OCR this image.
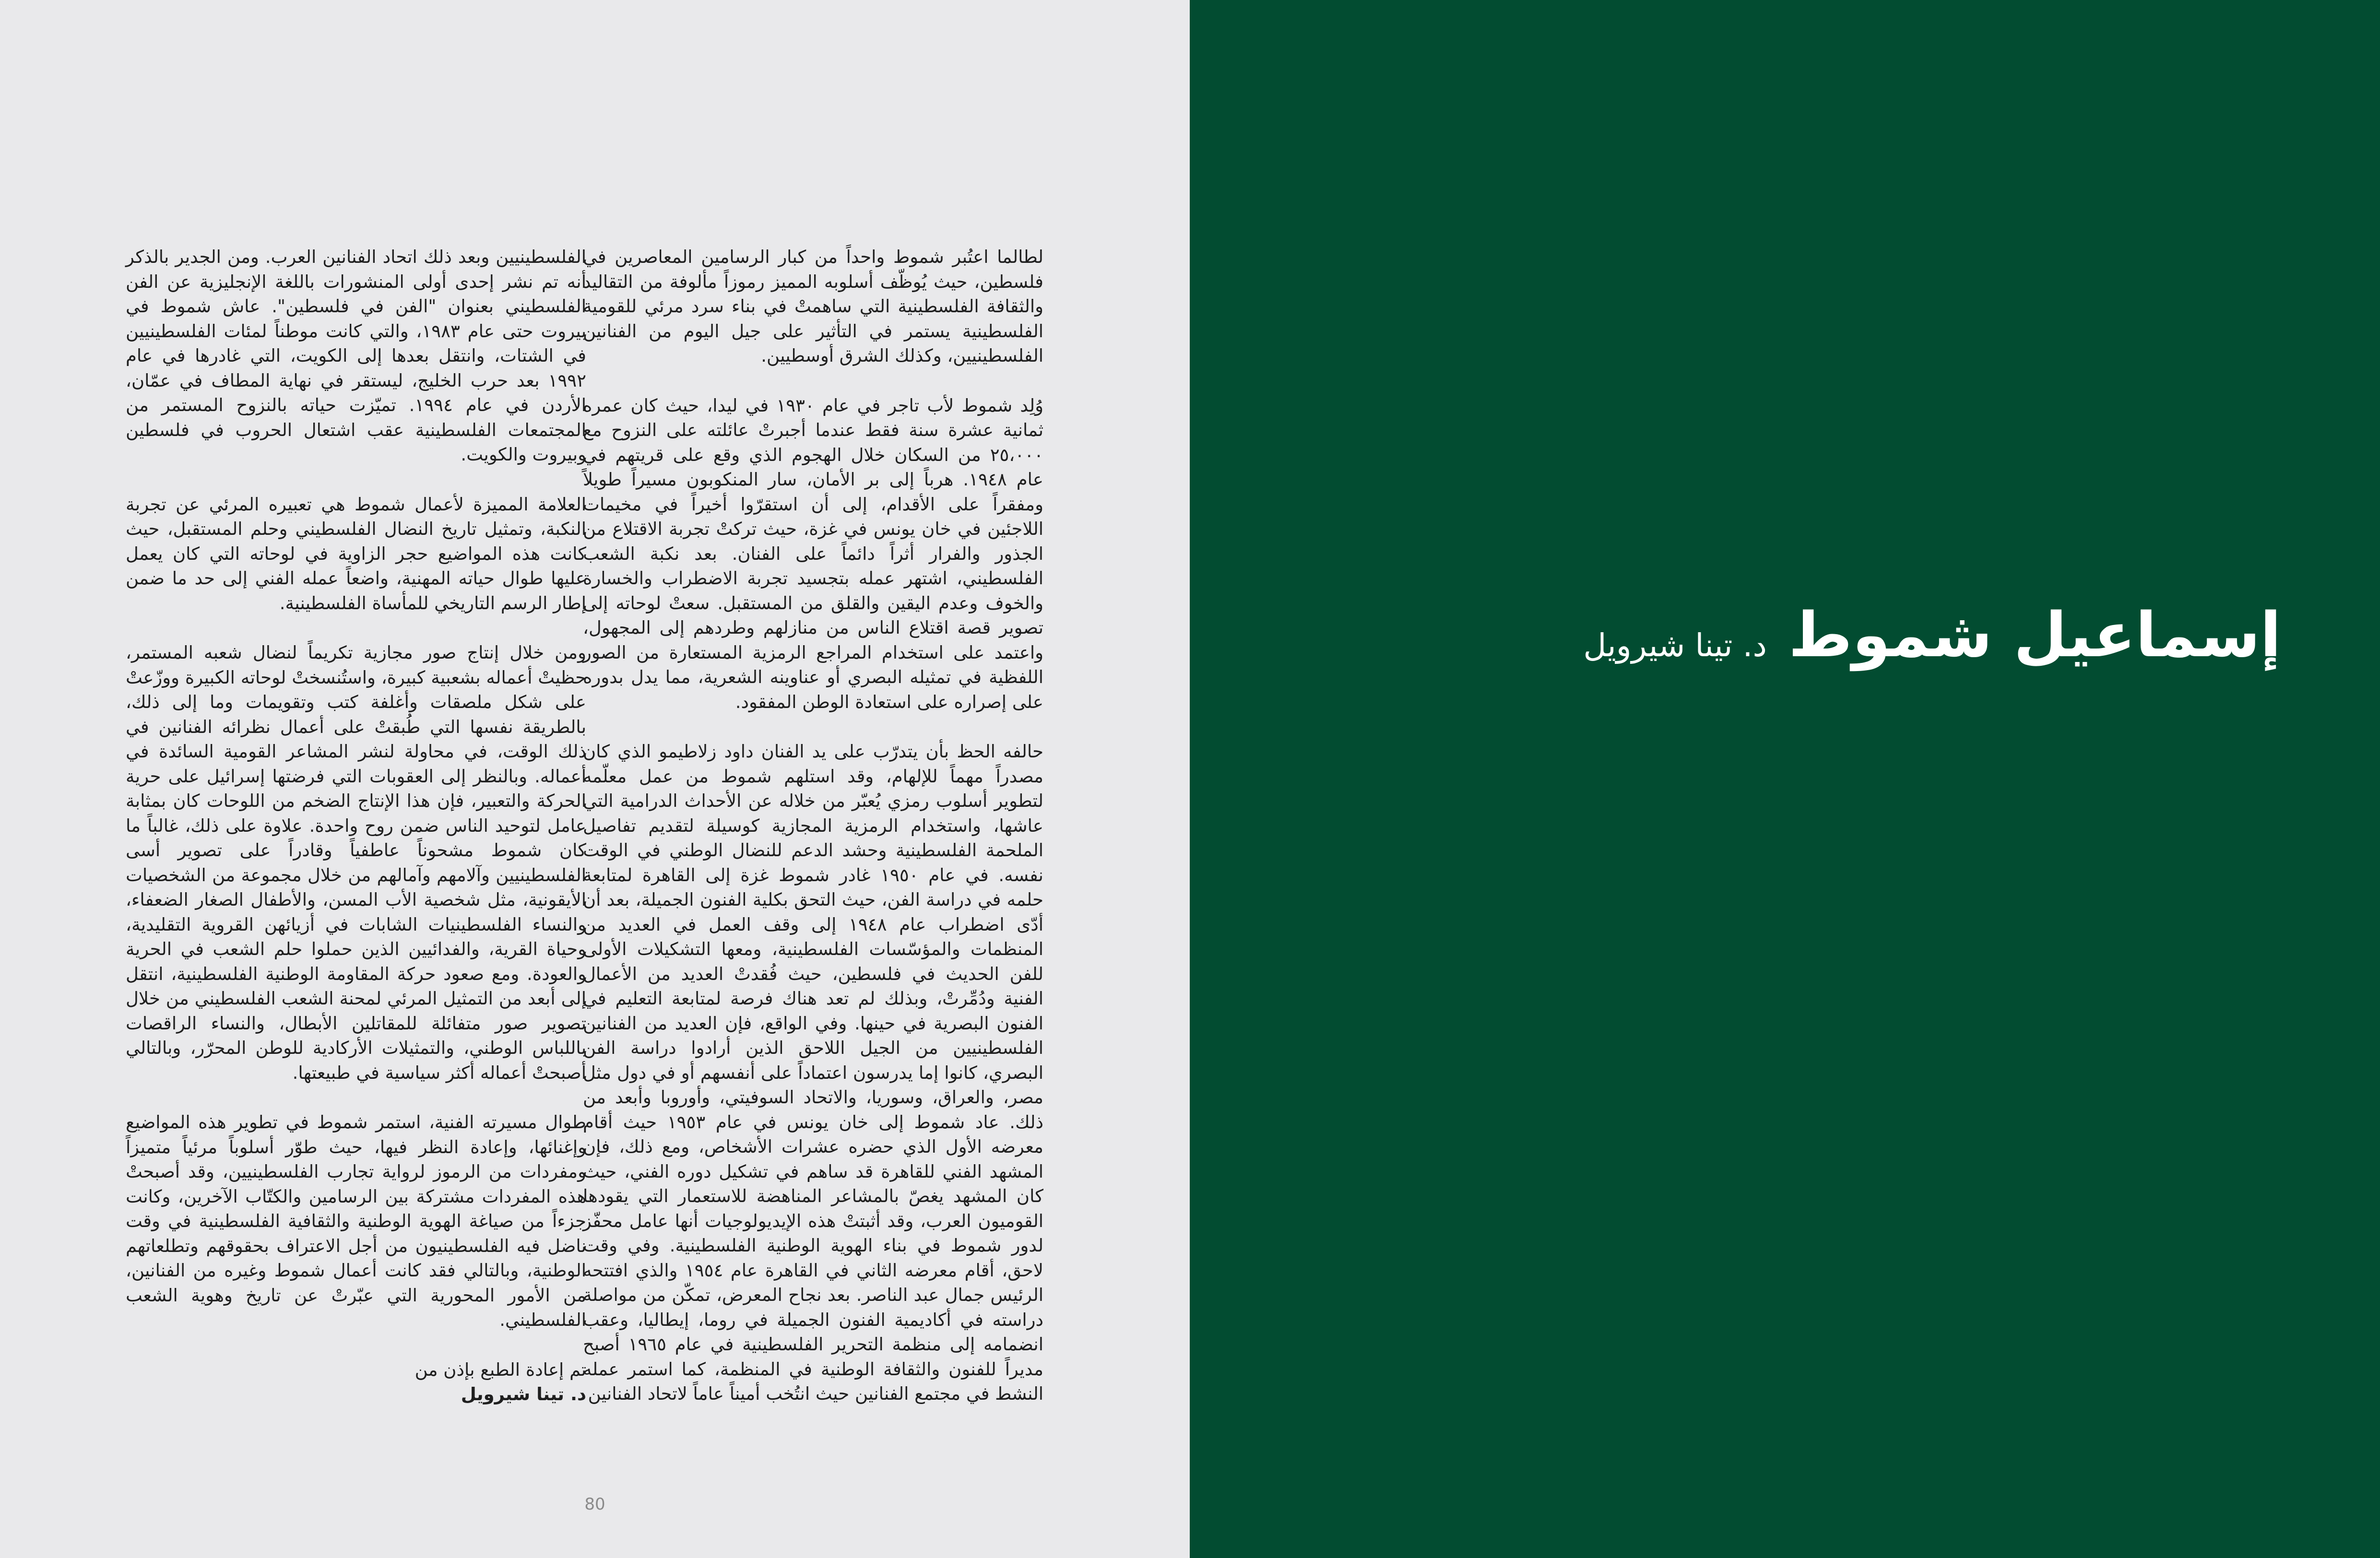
لطالما اعتُبر شموط واحداً من كبار الرسامين المعاصرين في فلسطين، حيث يُوظّف أسلوبه المميز رموزاً مألوفة من التقاليد والثقافة الفلسطينية التي ساهمتْ في بناء سرد مرئي للقومية الفلسطينية يستمر في التأثير على جيل اليوم من الفنانين الفلسطينيين، وكذلك الشرق أوسطيين.

وُلِد شموط لأب تاجر في عام ١٩٣٠ في ليدا، حيث كان عمره ثمانية عشرة سنة فقط عندما أجبرتْ عائلته على النزوح مع ٢٥،٠٠٠ من السكان خلال الهجوم الذي وقع على قريتهم في عام ١٩٤٨. هرباً إلى بر الأمان، سار المنكوبون مسيراً طويلاً ومفقراً على الأقدام، إلى أن استقرّوا أخيراً في مخيمات اللاجئين في خان يونس في غزة، حيث تركتْ تجربة الاقتلاع من الجذور والفرار أثراً دائماً على الفنان. بعد نكبة الشعب الفلسطيني، اشتهر عمله بتجسيد تجربة الاضطراب والخسارة والخوف وعدم اليقين والقلق من المستقبل. سعتْ لوحاته إلى تصوير قصة اقتلاع الناس من منازلهم وطردهم إلى المجهول، واعتمد على استخدام المراجع الرمزية المستعارة من الصور اللفظية في تمثيله البصري أو عناوينه الشعرية، مما يدل بدوره على إصراره على استعادة الوطن المفقود.

حالفه الحظ بأن يتدرّب على يد الفنان داود زلاطيمو الذي كان مصدراً مهماً للإلهام، وقد استلهم شموط من عمل معلّمه لتطوير أسلوب رمزي يُعبّر من خلاله عن الأحداث الدرامية التي عاشها، واستخدام الرمزية المجازية كوسيلة لتقديم تفاصيل الملحمة الفلسطينية وحشد الدعم للنضال الوطني في الوقت نفسه. في عام ١٩٥٠ غادر شموط غزة إلى القاهرة لمتابعة حلمه في دراسة الفن، حيث التحق بكلية الفنون الجميلة، بعد أن أدّى اضطراب عام ١٩٤٨ إلى وقف العمل في العديد من المنظمات والمؤسّسات الفلسطينية، ومعها التشكيلات الأولى للفن الحديث في فلسطين، حيث فُقدتْ العديد من الأعمال الفنية ودُمِّرتْ، وبذلك لم تعد هناك فرصة لمتابعة التعليم في الفنون البصرية في حينها. وفي الواقع، فإن العديد من الفنانين الفلسطينيين من الجيل اللاحق الذين أرادوا دراسة الفن البصري، كانوا إما يدرسون اعتماداً على أنفسهم أو في دول مثل مصر، والعراق، وسوريا، والاتحاد السوفيتي، وأوروبا وأبعد من ذلك. عاد شموط إلى خان يونس في عام ١٩٥٣ حيث أقام معرضه الأول الذي حضره عشرات الأشخاص، ومع ذلك، فإن المشهد الفني للقاهرة قد ساهم في تشكيل دوره الفني، حيث كان المشهد يغصّ بالمشاعر المناهضة للاستعمار التي يقودها القوميون العرب، وقد أثبتتْ هذه الإيديولوجيات أنها عامل محفّز لدور شموط في بناء الهوية الوطنية الفلسطينية. وفي وقت لاحق، أقام معرضه الثاني في القاهرة عام ١٩٥٤ والذي افتتحه الرئيس جمال عبد الناصر. بعد نجاح المعرض، تمكّن من مواصلة دراسته في أكاديمية الفنون الجميلة في روما، إيطاليا، وعقب انضمامه إلى منظمة التحرير الفلسطينية في عام ١٩٦٥ أصبح مديراً للفنون والثقافة الوطنية في المنظمة، كما استمر عمله النشط في مجتمع الفنانين حيث انتُخب أميناً عاماً لاتحاد الفنانين

الفلسطينيين وبعد ذلك اتحاد الفنانين العرب. ومن الجدير بالذكر أنه تم نشر إحدى أولى المنشورات باللغة الإنجليزية عن الفن الفلسطيني بعنوان "الفن في فلسطين". عاش شموط في بيروت حتى عام ١٩٨٣، والتي كانت موطناً لمئات الفلسطينيين في الشتات، وانتقل بعدها إلى الكويت، التي غادرها في عام ١٩٩٢ بعد حرب الخليج، ليستقر في نهاية المطاف في عمّان، الأردن في عام ١٩٩٤. تميّزت حياته بالنزوح المستمر من المجتمعات الفلسطينية عقب اشتعال الحروب في فلسطين وبيروت والكويت.

العلامة المميزة لأعمال شموط هي تعبيره المرئي عن تجربة النكبة، وتمثيل تاريخ النضال الفلسطيني وحلم المستقبل، حيث كانت هذه المواضيع حجر الزاوية في لوحاته التي كان يعمل عليها طوال حياته المهنية، واضعاً عمله الفني إلى حد ما ضمن إطار الرسم التاريخي للمأساة الفلسطينية.

ومن خلال إنتاج صور مجازية تكريماً لنضال شعبه المستمر، حظيتْ أعماله بشعبية كبيرة، واستُنسختْ لوحاته الكبيرة ووزّعتْ على شكل ملصقات وأغلفة كتب وتقويمات وما إلى ذلك، بالطريقة نفسها التي طُبقتْ على أعمال نظرائه الفنانين في ذلك الوقت، في محاولة لنشر المشاعر القومية السائدة في أعماله. وبالنظر إلى العقوبات التي فرضتها إسرائيل على حرية الحركة والتعبير، فإن هذا الإنتاج الضخم من اللوحات كان بمثابة عامل لتوحيد الناس ضمن روح واحدة. علاوة على ذلك، غالباً ما كان شموط مشحوناً عاطفياً وقادراً على تصوير أسى الفلسطينيين وآلامهم وآمالهم من خلال مجموعة من الشخصيات الأيقونية، مثل شخصية الأب المسن، والأطفال الصغار الضعفاء، والنساء الفلسطينيات الشابات في أزيائهن القروية التقليدية، وحياة القرية، والفدائيين الذين حملوا حلم الشعب في الحرية والعودة. ومع صعود حركة المقاومة الوطنية الفلسطينية، انتقل إلى أبعد من التمثيل المرئي لمحنة الشعب الفلسطيني من خلال تصوير صور متفائلة للمقاتلين الأبطال، والنساء الراقصات باللباس الوطني، والتمثيلات الأركادية للوطن المحرّر، وبالتالي أصبحتْ أعماله أكثر سياسية في طبيعتها.

طوال مسيرته الفنية، استمر شموط في تطوير هذه المواضيع وإغنائها، وإعادة النظر فيها، حيث طوّر أسلوباً مرئياً متميزاً ومفردات من الرموز لرواية تجارب الفلسطينيين، وقد أصبحتْ هذه المفردات مشتركة بين الرسامين والكتّاب الآخرين، وكانت جزءاً من صياغة الهوية الوطنية والثقافية الفلسطينية في وقت ناضل فيه الفلسطينيون من أجل الاعتراف بحقوقهم وتطلعاتهم الوطنية، وبالتالي فقد كانت أعمال شموط وغيره من الفنانين، من الأمور المحورية التي عبّرتْ عن تاريخ وهوية الشعب الفلسطيني.

تم إعادة الطبع بإذن من
د. تينا شيرويل
80
إسماعيل شموط د. تينا شيرويل
